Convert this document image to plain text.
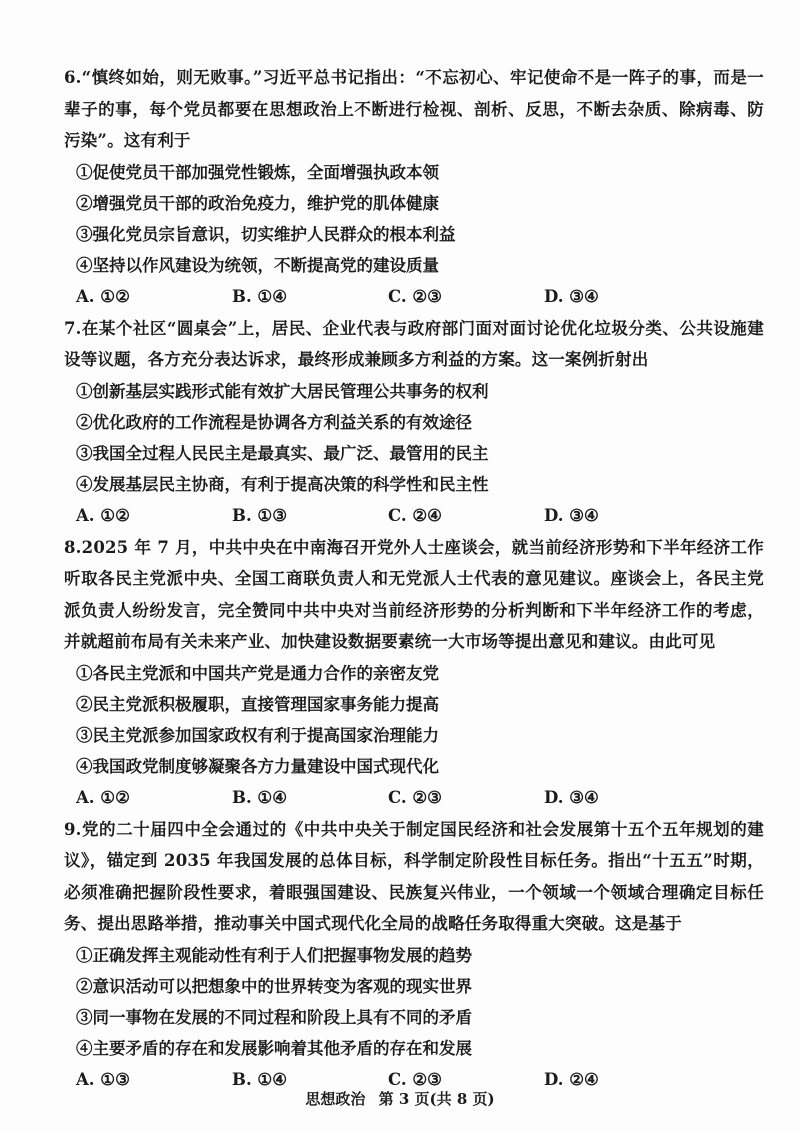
6.“慎终如始，则无败事。”习近平总书记指出：“不忘初心、牢记使命不是一阵子的事，而是一辈子的事，每个党员都要在思想政治上不断进行检视、剖析、反思，不断去杂质、除病毒、防污染”。这有利于

①促使党员干部加强党性锻炼，全面增强执政本领

②增强党员干部的政治免疫力，维护党的肌体健康

③强化党员宗旨意识，切实维护人民群众的根本利益

④坚持以作风建设为统领，不断提高党的建设质量

A. ①②	B. ①④	C. ②③	D. ③④

7.在某个社区“圆桌会”上，居民、企业代表与政府部门面对面讨论优化垃圾分类、公共设施建设等议题，各方充分表达诉求，最终形成兼顾多方利益的方案。这一案例折射出

①创新基层实践形式能有效扩大居民管理公共事务的权利

②优化政府的工作流程是协调各方利益关系的有效途径

③我国全过程人民民主是最真实、最广泛、最管用的民主

④发展基层民主协商，有利于提高决策的科学性和民主性

A. ①②	B. ①③	C. ②④	D. ③④

8.2025 年 7 月，中共中央在中南海召开党外人士座谈会，就当前经济形势和下半年经济工作听取各民主党派中央、全国工商联负责人和无党派人士代表的意见建议。座谈会上，各民主党派负责人纷纷发言，完全赞同中共中央对当前经济形势的分析判断和下半年经济工作的考虑，并就超前布局有关未来产业、加快建设数据要素统一大市场等提出意见和建议。由此可见

①各民主党派和中国共产党是通力合作的亲密友党

②民主党派积极履职，直接管理国家事务能力提高

③民主党派参加国家政权有利于提高国家治理能力

④我国政党制度够凝聚各方力量建设中国式现代化

A. ①②	B. ①④	C. ②③	D. ③④

9.党的二十届四中全会通过的《中共中央关于制定国民经济和社会发展第十五个五年规划的建议》，锚定到 2035 年我国发展的总体目标，科学制定阶段性目标任务。指出“十五五”时期，必须准确把握阶段性要求，着眼强国建设、民族复兴伟业，一个领域一个领域合理确定目标任务、提出思路举措，推动事关中国式现代化全局的战略任务取得重大突破。这是基于

①正确发挥主观能动性有利于人们把握事物发展的趋势

②意识活动可以把想象中的世界转变为客观的现实世界

③同一事物在发展的不同过程和阶段上具有不同的矛盾

④主要矛盾的存在和发展影响着其他矛盾的存在和发展

A. ①③	B. ①④	C. ②③	D. ②④
思想政治 第 3 页(共 8 页)
